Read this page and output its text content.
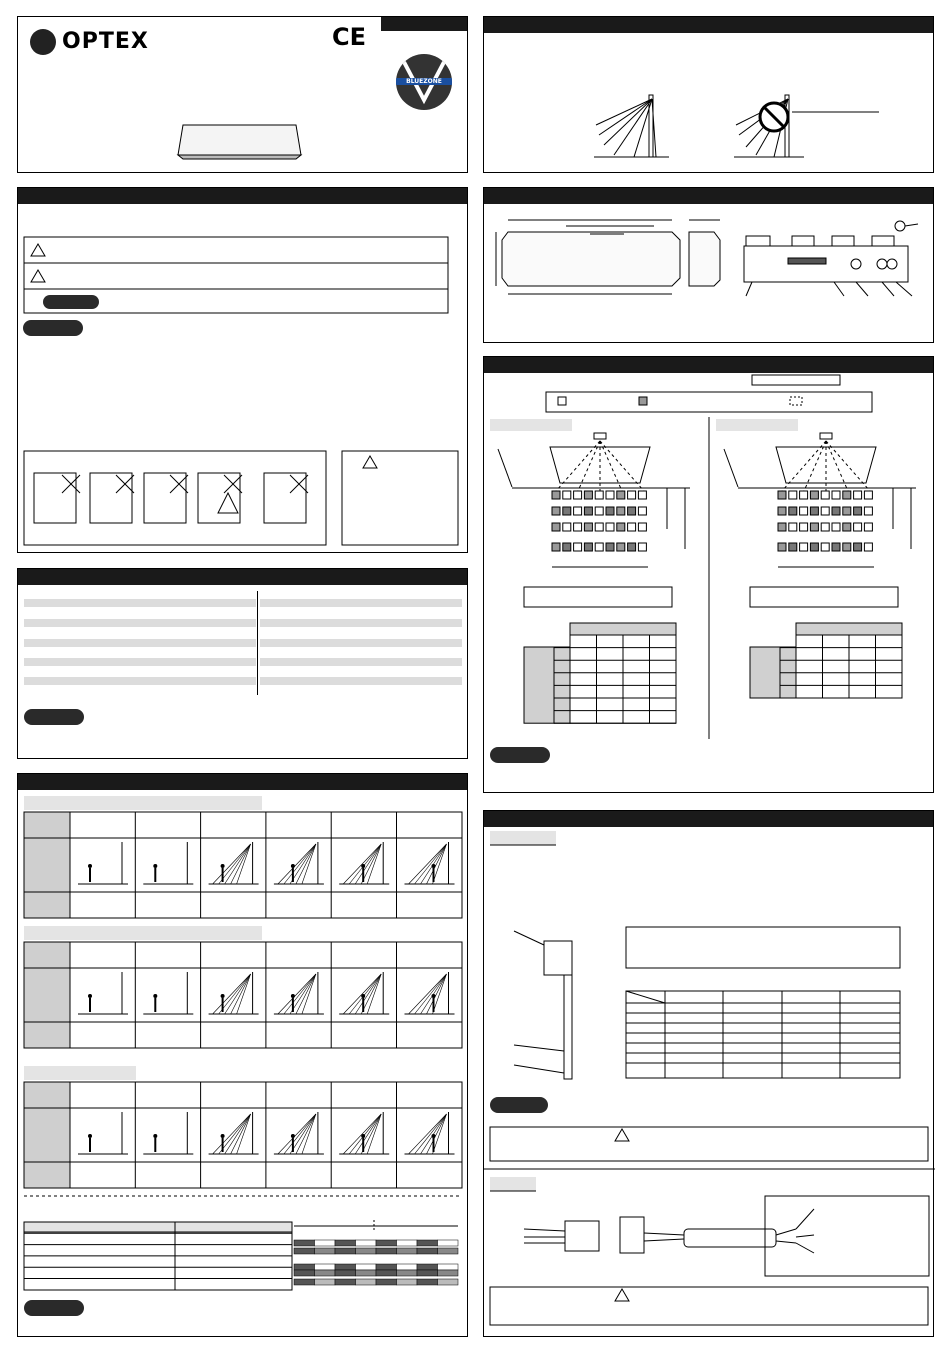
OPTEX	CE
BLUEZONE
